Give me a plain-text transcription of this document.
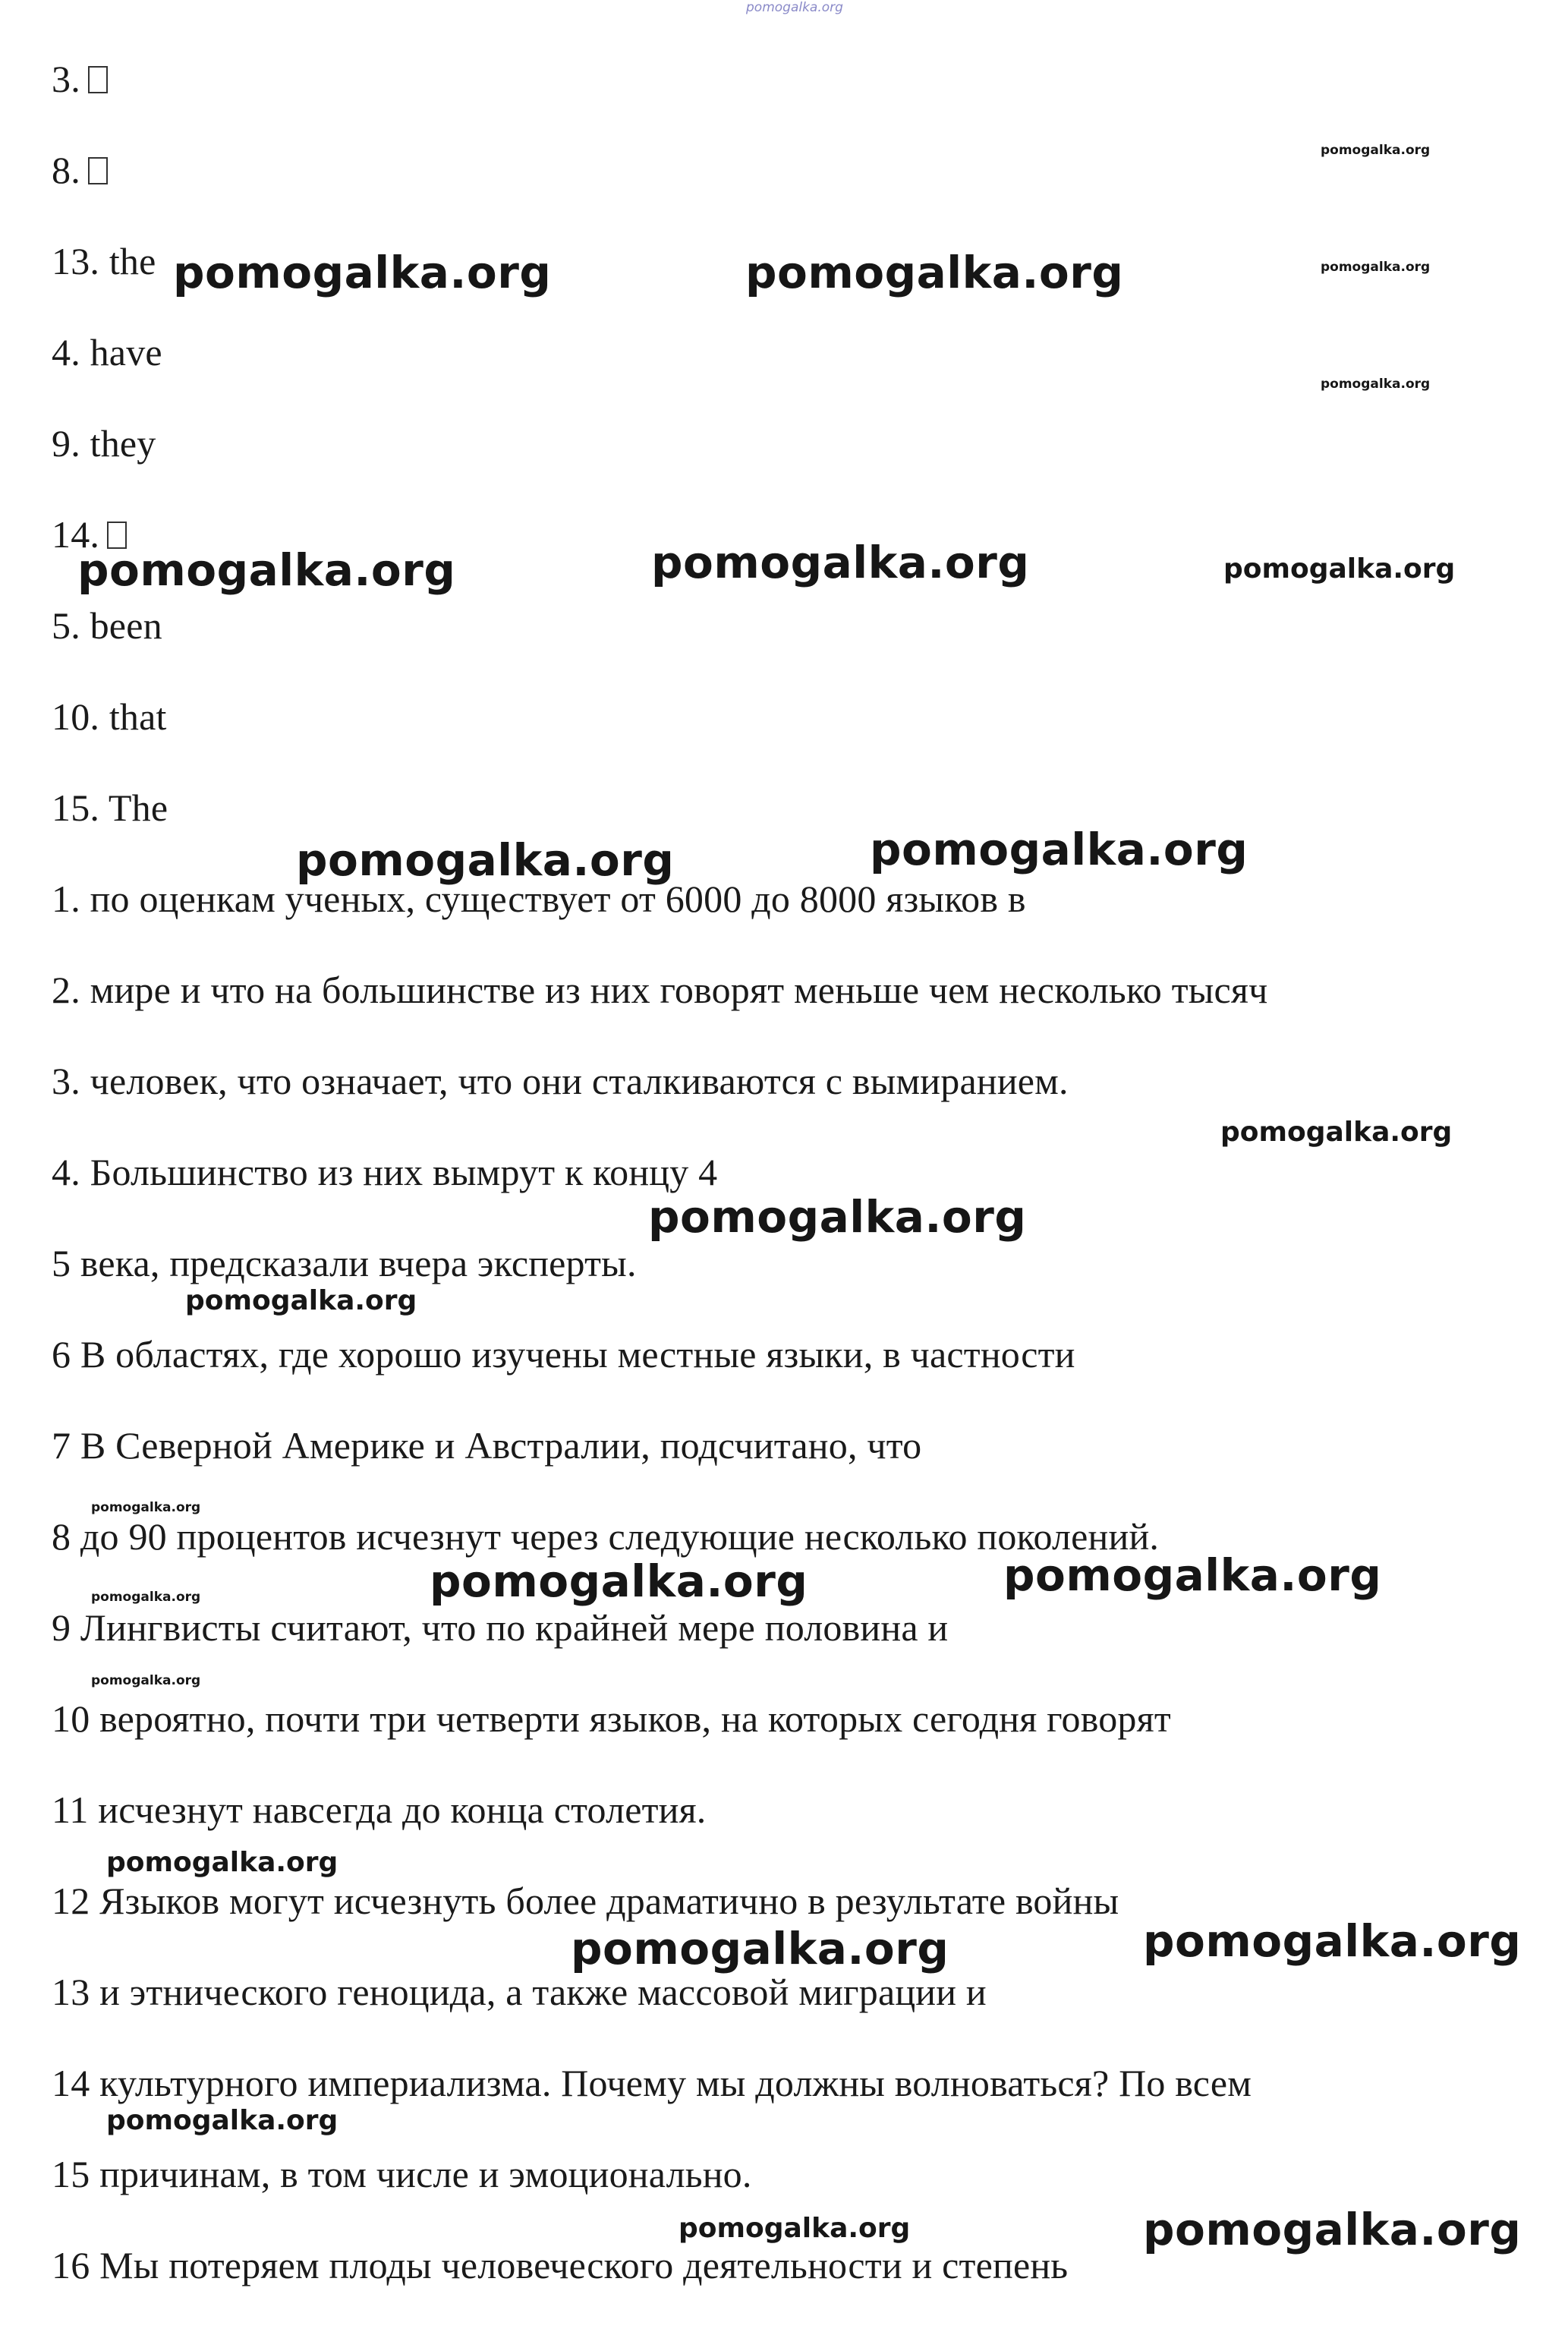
pomogalka.org
3.
8.
13. the
4. have
9. they
14.
5. been
10. that
15. The
1. по оценкам ученых, существует от 6000 до 8000 языков в
2. мире и что на большинстве из них говорят меньше чем несколько тысяч
3. человек, что означает, что они сталкиваются с вымиранием.
4. Большинство из них вымрут к концу 4
5 века, предсказали вчера эксперты.
6 В областях, где хорошо изучены местные языки, в частности
7 В Северной Америке и Австралии, подсчитано, что
8 до 90 процентов исчезнут через следующие несколько поколений.
9 Лингвисты считают, что по крайней мере половина и
10 вероятно, почти три четверти языков, на которых сегодня говорят
11 исчезнут навсегда до конца столетия.
12 Языков могут исчезнуть более драматично в результате войны
13 и этнического геноцида, а также массовой миграции и
14 культурного империализма. Почему мы должны волноваться? По всем
15 причинам, в том числе и эмоционально.
16 Мы потеряем плоды человеческого деятельности и степень
pomogalka.org
pomogalka.org	pomogalka.org	pomogalka.org
pomogalka.org
pomogalka.org	pomogalka.org	pomogalka.org
pomogalka.org	pomogalka.org
pomogalka.org
pomogalka.org
pomogalka.org
pomogalka.org
pomogalka.org	pomogalka.org
pomogalka.org
pomogalka.org
pomogalka.org
pomogalka.org	pomogalka.org
pomogalka.org
pomogalka.org	pomogalka.org
